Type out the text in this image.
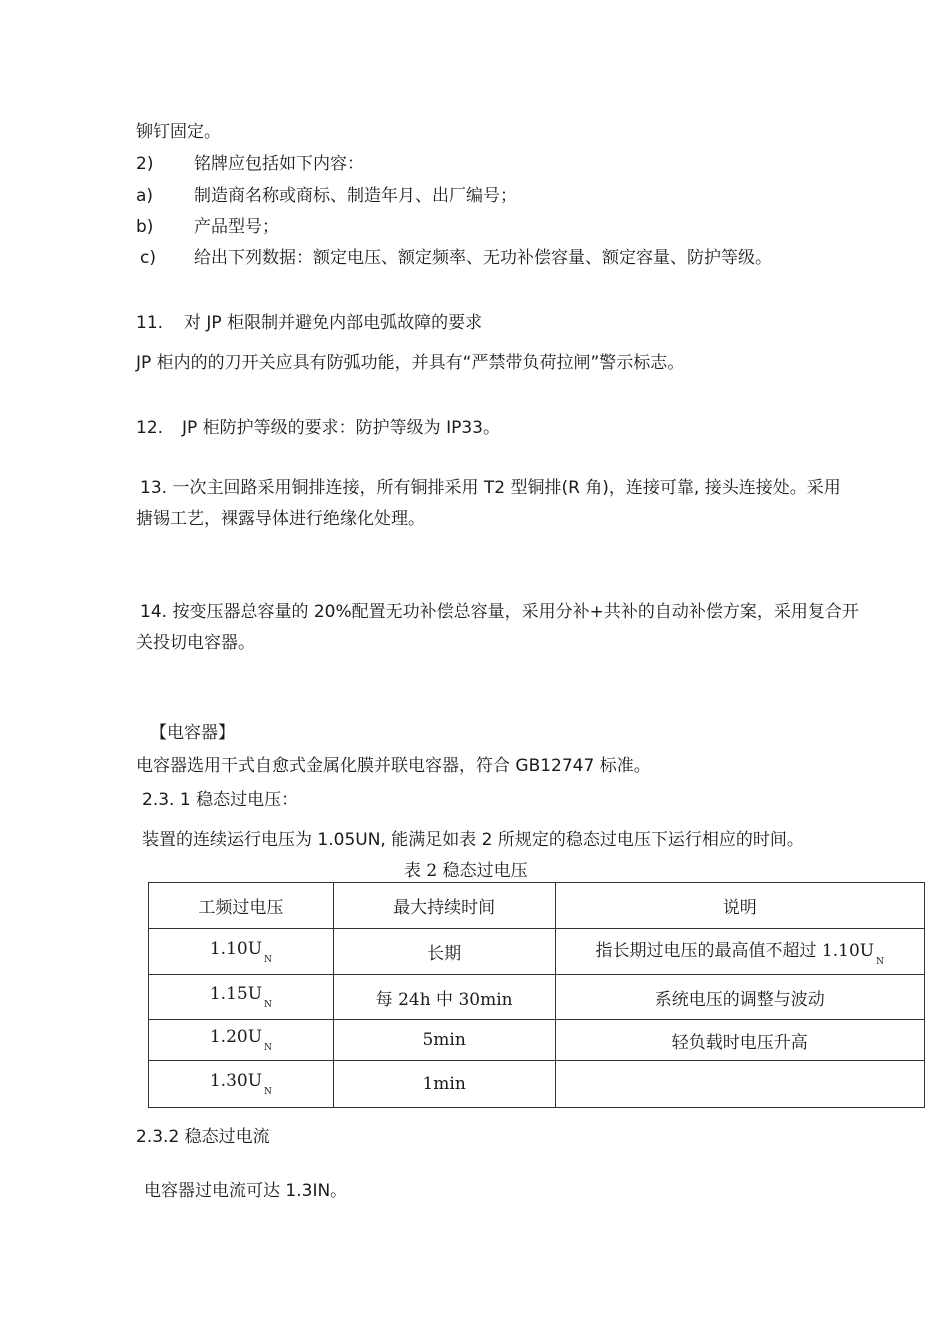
铆钉固定。
2) 铭牌应包括如下内容：
a) 制造商名称或商标、制造年月、出厂编号；
b) 产品型号；
c) 给出下列数据：额定电压、额定频率、无功补偿容量、额定容量、防护等级。
11. 对 JP 柜限制并避免内部电弧故障的要求
JP 柜内的的刀开关应具有防弧功能，并具有“严禁带负荷拉闸”警示标志。
12. JP 柜防护等级的要求：防护等级为 IP33。
13. 一次主回路采用铜排连接，所有铜排采用 T2 型铜排(R 角)，连接可靠, 接头连接处。采用
搪锡工艺，裸露导体进行绝缘化处理。
14. 按变压器总容量的 20%配置无功补偿总容量，采用分补+共补的自动补偿方案，采用复合开
关投切电容器。
【电容器】
电容器选用干式自愈式金属化膜并联电容器，符合 GB12747 标准。
2.3. 1 稳态过电压：
装置的连续运行电压为 1.05UN, 能满足如表 2 所规定的稳态过电压下运行相应的时间。
表 2 稳态过电压
工频过电压	最大持续时间	说明
$1.10U_N$	长期	指长期过电压的最高值不超过 $1.10U_N$
$1.15U_N$	每 24h 中 30min	系统电压的调整与波动
$1.20U_N$	5min	轻负载时电压升高
$1.30U_N$	1min	
2.3.2 稳态过电流
电容器过电流可达 1.3IN。
